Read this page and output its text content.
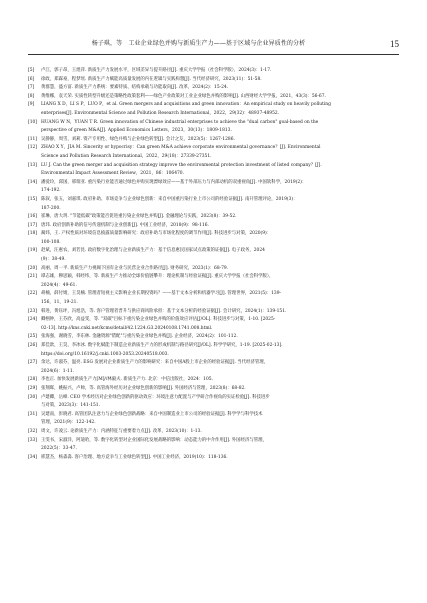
杨子琪，等　工业企业绿色并购与新质生产力——基于区域与企业异质性的分析	15
[5]	卢江，郭子昂，王煜萍. 新质生产力发展水平，区域差异与提升路径[J]. 重庆大学学报（社会科学版），2024(3)：1-17.
[6]	徐政，郑霖豪，程梦瑶. 新质生产力赋能高质量发展的内在逻辑与实践构想[J]. 当代经济研究，2023(11)：51-58.
[7]	黄群慧，盛方富. 新质生产力系统：要素特质、结构承载与功能取向[J]. 改革，2024(2)：15-24.
[8]	黄维娜，袁天荣. 实质性转型升级还是策略性政策套利——绿色产业政策对工业企业绿色并购的影响[J]. 山西财经大学学报，2021，43(3)：56-67.
[9]	LIANG X D，LI S P，LUO P，et al. Green mergers and acquisitions and green innovation：An empirical study on heavily polluting
enterprises[J]. Environmental Science and Pollution Research International，2022，29(32)：48937-48952.
[10] HUANG W N，YUAN T R. Green innovation of Chinese industrial enterprises to achieve the "dual carbon" goal-based on the
perspective of green M&A[J]. Applied Economics Letters，2023，30(13)：1809-1813.
[11] 吴静静，周雪，刘莉. 资产专用性、绿色并购与企业绿色转型[J]. 会计之友，2023(5)：1267-1286.
[12] ZHAO X Y，JIA M. Sincerity or hypocrisy：Can green M&A achieve corporate environmental governance？[J]. Environmental
Science and Pollution Research International，2022，29(18)：27339-27351.
[13] LU J. Can the green merger and acquisition strategy improve the environmental protection investment of listed company？[J].
Environmental Impact Assessment Review，2021，86：106470.
[14] 潘爱玲，邱国，邢瑞亚. 重污染行业能否通过绿色并购实现漂绿效应——基于外部压力与内部动机的双重视角[J]. 中国软科学，2019(2)：
174-192.
[15] 陈叙，张五，刘嘉琪. 政府补助、市场竞争与企业绿色创新：来自中国重污染行业上市公司的经验证据[J]. 南开管理评论，2019(3)：
187-200.
[16] 崔琳，唐大玥. "节能低碳"政策能否促进重污染企业绿色并购[J]. 金融理论与实践，2023(8)：39-52.
[17] 唐玮. 政府创新补助的信号传递机制与企业创新[J]. 中国工业经济，2018(9)：98-116.
[18] 蔺炜，王. 产权性质对环境信息披露质量影响研究：政府补助与市场化程度的调节作用[J]. 科技进步与对策，2020(9)：
100-108.
[19] 赵斌，汪惠农，刘若昆. 政府数字化治理与企业新质生产力：基于信息惠民国家试点政策的证据[J]. 电子政务，2024
(9)：38-49.
[20] 高丽，周一平. 新质生产力视阈下国有企业与民营企业合作路径[J]. 财务研究，2023(1)：68-79.
[21] 谭志雄，穆思颖，韩经纬，等. 新质生产力推动全球价值链攀升：理论机制与经验证据[J]. 重庆大学学报（社会科学版），
2024(4)：49-61.
[22] 胡楠，薛付婧，王昊楠. 管理者短视主义影响企业长期投资吗？——基于文本分析和机器学习[J]. 管理世界，2021(5)：139-
156，11，19-21.
[23] 韩进，黄钰坪，冯旭浩，等. 客户管理者晋升与供应商风险承担：基于文本分析的经验证据[J]. 会计研究，2024(1)：139-151.
[24] 卿栩钟，王芬欣，高益雯，等. "双碳"目标下重污染企业绿色并购的价值效应评估[J/OL]. 科技进步与对策，1-10. [2025-
02-13]. http://kns.cnki.net/kcms/detail/42.1224.G3.20240108.1741.008.html.
[25] 张海强，谢晓雪，李东林. 金融资源"错配"与重污染企业绿色并购[J]. 企业经济，2024(2)：101-112.
[26] 郑佳歆，王昊，李冰冰. 数字化赋能下制造企业新质生产力的形成机制与路径研究[J/OL]. 科学学研究，1-19. [2025-02-13].
https://doi.org/10.16192/j.cnki.1003-2053.20240518.003.
[27] 余达，许淑芬，温亮. ESG 发展对企业新质生产力的影响研究：来自中国A股上市企业的经验证据[J]. 当代经济管理，
2024(6)：1-11.
[28] 李也正. 加快发展新质生产力[M]//林毅夫. 新质生产力. 北京：中信出版社，2024：105.
[29] 张翔晖，姚振兴，卢帅，等. 高管海外经历对企业绿色创新的影响[J]. 外国经济与管理，2023(8)：68-82.
[30] 卢建卿，岳峰. CEO 学术经历对企业绿色创新的驱动效应：环境注意力配置与产学研合作视角的实证检验[J]. 科技进步
与对策，2023(3)：141-151.
[31] 吴建南，彭晓君. 高管团队注意力与企业绿色创新战略：来自中国制造业上市公司的经验证据[J]. 科学学与科学技术
管理，2021(9)：122-142.
[32] 周文，许凌云. 论新质生产力：内涵特征与重要着力点[J]. 改革，2023(10)：1-13.
[33] 王雯书，宋淑洋，阿迪哈，等. 数字化转型对企业国际化发展战略的影响：动态能力的中介作用[J]. 外国经济与管理，
2022(5)：33-47.
[34] 邢慧杰，杨淼淼. 客户治理、地方竞争与工业绿色转型[J]. 中国工业经济，2019(10)：118-136.
